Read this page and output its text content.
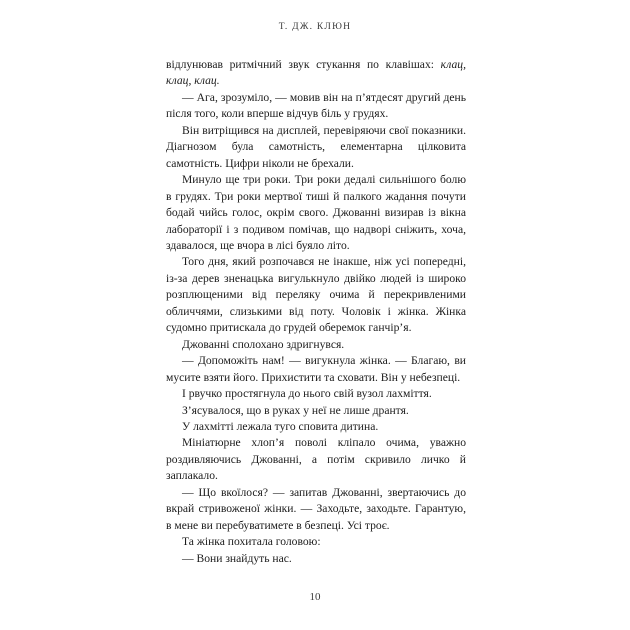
Т. ДЖ. КЛЮН

відлунював ритмічний звук стукання по клавішах: клац, клац, клац.

— Ага, зрозуміло, — мовив він на п’ятдесят другий день після того, коли вперше відчув біль у грудях.

Він витріщився на дисплей, перевіряючи свої показники. Діагнозом була самотність, елементарна цілковита самотність. Цифри ніколи не брехали.

Минуло ще три роки. Три роки дедалі сильнішого болю в грудях. Три роки мертвої тиші й палкого жадання почути бодай чийсь голос, окрім свого. Джованні визирав із вікна лабораторії і з подивом помічав, що надворі сніжить, хоча, здавалося, ще вчора в лісі буяло літо.

Того дня, який розпочався не інакше, ніж усі попередні, із-за дерев зненацька вигулькнуло двійко людей із широко розплющеними від переляку очима й перекривленими обличчями, слизькими від поту. Чоловік і жінка. Жінка судомно притискала до грудей оберемок ганчір’я.

Джованні сполохано здригнувся.

— Допоможіть нам! — вигукнула жінка. — Благаю, ви мусите взяти його. Прихистити та сховати. Він у небезпеці.

І рвучко простягнула до нього свій вузол лахміття.

З’ясувалося, що в руках у неї не лише дрантя.

У лахмітті лежала туго сповита дитина.

Мініатюрне хлоп’я поволі кліпало очима, уважно роздивляючись Джованні, а потім скривило личко й заплакало.

— Що вкоїлося? — запитав Джованні, звертаючись до вкрай стривоженої жінки. — Заходьте, заходьте. Гарантую, в мене ви перебуватимете в безпеці. Усі троє.

Та жінка похитала головою:

— Вони знайдуть нас.

10
